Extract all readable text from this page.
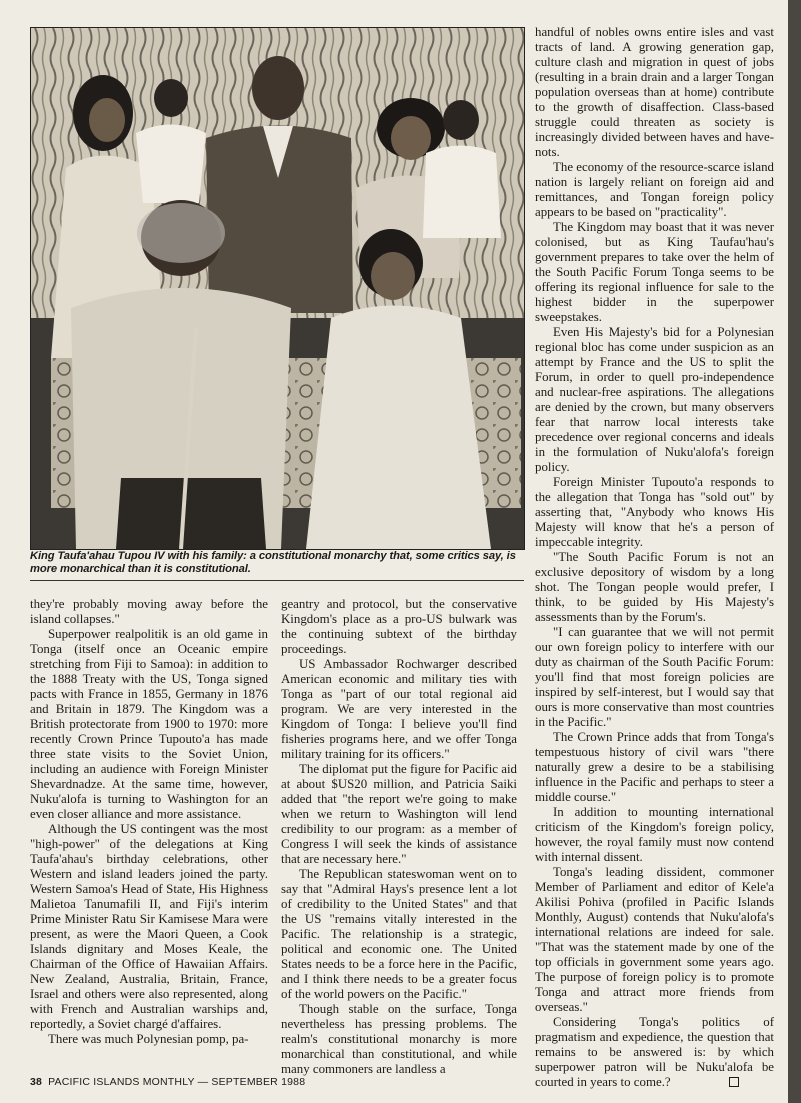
King Taufa'ahau Tupou IV with his family: a constitutional monarchy that, some critics say, is more monarchical than it is constitutional.

they're probably moving away before the island collapses."

Superpower realpolitik is an old game in Tonga (itself once an Oceanic empire stretching from Fiji to Samoa): in addition to the 1888 Treaty with the US, Tonga signed pacts with France in 1855, Germany in 1876 and Britain in 1879. The Kingdom was a British protectorate from 1900 to 1970: more recently Crown Prince Tupouto'a has made three state visits to the Soviet Union, including an audience with Foreign Minister Shevardnadze. At the same time, however, Nuku'alofa is turning to Washington for an even closer alliance and more assistance.

Although the US contingent was the most "high-power" of the delegations at King Taufa'ahau's birthday celebrations, other Western and island leaders joined the party. Western Samoa's Head of State, His Highness Malietoa Tanumafili II, and Fiji's interim Prime Minister Ratu Sir Kamisese Mara were present, as were the Maori Queen, a Cook Islands dignitary and Moses Keale, the Chairman of the Office of Hawaiian Affairs. New Zealand, Australia, Britain, France, Israel and others were also represented, along with French and Australian warships and, reportedly, a Soviet chargé d'affaires.

There was much Polynesian pomp, pa-

geantry and protocol, but the conservative Kingdom's place as a pro-US bulwark was the continuing subtext of the birthday proceedings.

US Ambassador Rochwarger described American economic and military ties with Tonga as "part of our total regional aid program. We are very interested in the Kingdom of Tonga: I believe you'll find fisheries programs here, and we offer Tonga military training for its officers."

The diplomat put the figure for Pacific aid at about $US20 million, and Patricia Saiki added that "the report we're going to make when we return to Washington will lend credibility to our program: as a member of Congress I will seek the kinds of assistance that are necessary here."

The Republican stateswoman went on to say that "Admiral Hays's presence lent a lot of credibility to the United States" and that the US "remains vitally interested in the Pacific. The relationship is a strategic, political and economic one. The United States needs to be a force here in the Pacific, and I think there needs to be a greater focus of the world powers on the Pacific."

Though stable on the surface, Tonga nevertheless has pressing problems. The realm's constitutional monarchy is more monarchical than constitutional, and while many commoners are landless a

handful of nobles owns entire isles and vast tracts of land. A growing generation gap, culture clash and migration in quest of jobs (resulting in a brain drain and a larger Tongan population overseas than at home) contribute to the growth of disaffection. Class-based struggle could threaten as society is increasingly divided between haves and have-nots.

The economy of the resource-scarce island nation is largely reliant on foreign aid and remittances, and Tongan foreign policy appears to be based on "practicality".

The Kingdom may boast that it was never colonised, but as King Taufau'hau's government prepares to take over the helm of the South Pacific Forum Tonga seems to be offering its regional influence for sale to the highest bidder in the superpower sweepstakes.

Even His Majesty's bid for a Polynesian regional bloc has come under suspicion as an attempt by France and the US to split the Forum, in order to quell pro-independence and nuclear-free aspirations. The allegations are denied by the crown, but many observers fear that narrow local interests take precedence over regional concerns and ideals in the formulation of Nuku'alofa's foreign policy.

Foreign Minister Tupouto'a responds to the allegation that Tonga has "sold out" by asserting that, "Anybody who knows His Majesty will know that he's a person of impeccable integrity.

"The South Pacific Forum is not an exclusive depository of wisdom by a long shot. The Tongan people would prefer, I think, to be guided by His Majesty's assessments than by the Forum's.

"I can guarantee that we will not permit our own foreign policy to interfere with our duty as chairman of the South Pacific Forum: you'll find that most foreign policies are inspired by self-interest, but I would say that ours is more conservative than most countries in the Pacific."

The Crown Prince adds that from Tonga's tempestuous history of civil wars "there naturally grew a desire to be a stabilising influence in the Pacific and perhaps to steer a middle course."

In addition to mounting international criticism of the Kingdom's foreign policy, however, the royal family must now contend with internal dissent.

Tonga's leading dissident, commoner Member of Parliament and editor of Kele'a Akilisi Pohiva (profiled in Pacific Islands Monthly, August) contends that Nuku'alofa's international relations are indeed for sale. "That was the statement made by one of the top officials in government some years ago. The purpose of foreign policy is to promote Tonga and attract more friends from overseas."

Considering Tonga's politics of pragmatism and expedience, the question that remains to be answered is: by which superpower patron will be Nuku'alofa be courted in years to come.?

38 PACIFIC ISLANDS MONTHLY — SEPTEMBER 1988
